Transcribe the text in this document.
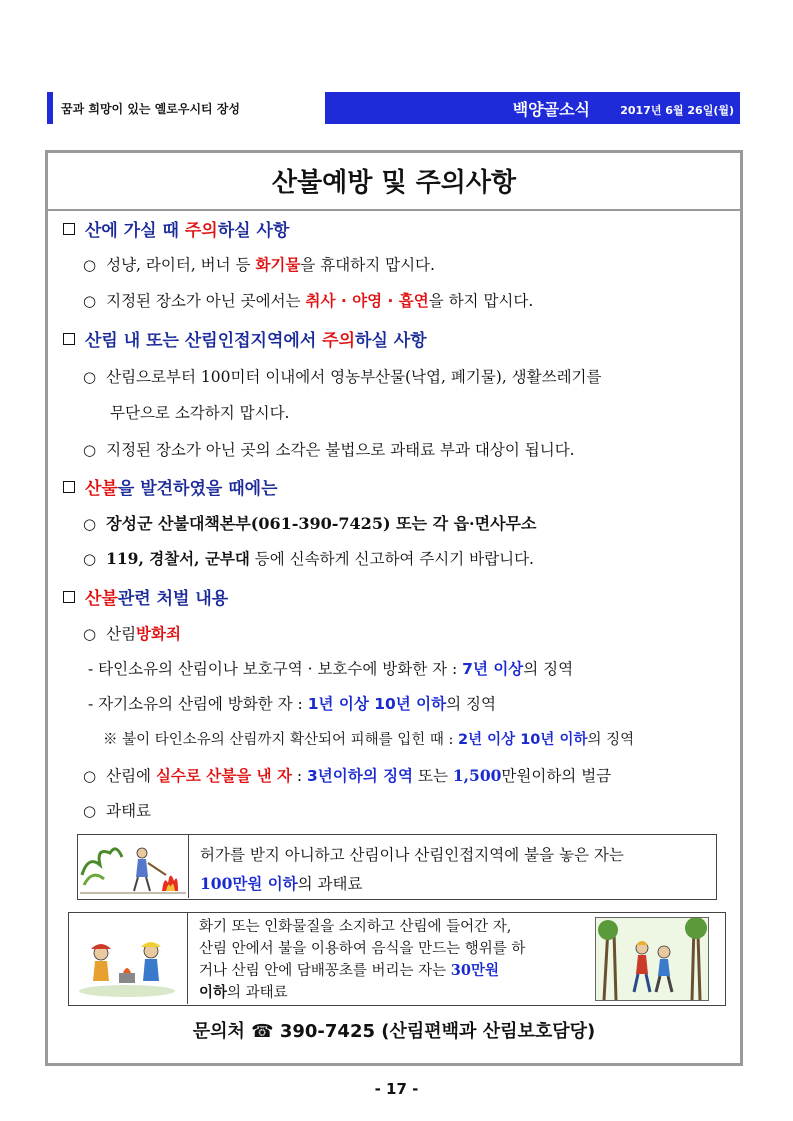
꿈과 희망이 있는 옐로우시티 장성	백양골소식	2017년 6월 26일(월)
산불예방 및 주의사항
산에 가실 때 주의하실 사항
○ 성냥, 라이터, 버너 등 화기물을 휴대하지 맙시다.
○ 지정된 장소가 아닌 곳에서는 취사 · 야영 · 흡연을 하지 맙시다.
산림 내 또는 산림인접지역에서 주의하실 사항
○ 산림으로부터 100미터 이내에서 영농부산물(낙엽, 폐기물), 생활쓰레기를
무단으로 소각하지 맙시다.
○ 지정된 장소가 아닌 곳의 소각은 불법으로 과태료 부과 대상이 됩니다.
산불을 발견하였을 때에는
○ 장성군 산불대책본부(061-390-7425) 또는 각 읍·면사무소
○ 119, 경찰서, 군부대 등에 신속하게 신고하여 주시기 바랍니다.
산불관련 처벌 내용
○ 산림방화죄
- 타인소유의 산림이나 보호구역 · 보호수에 방화한 자 : 7년 이상의 징역
- 자기소유의 산림에 방화한 자 : 1년 이상 10년 이하의 징역
※ 불이 타인소유의 산림까지 확산되어 피해를 입힌 때 : 2년 이상 10년 이하의 징역
○ 산림에 실수로 산불을 낸 자 : 3년이하의 징역 또는 1,500만원이하의 벌금
○ 과태료
허가를 받지 아니하고 산림이나 산림인접지역에 불을 놓은 자는
100만원 이하의 과태료
화기 또는 인화물질을 소지하고 산림에 들어간 자,
산림 안에서 불을 이용하여 음식을 만드는 행위를 하
거나 산림 안에 담배꽁초를 버리는 자는 30만원
이하의 과태료
문의처 ☎ 390-7425 (산림편백과 산림보호담당)
- 17 -
